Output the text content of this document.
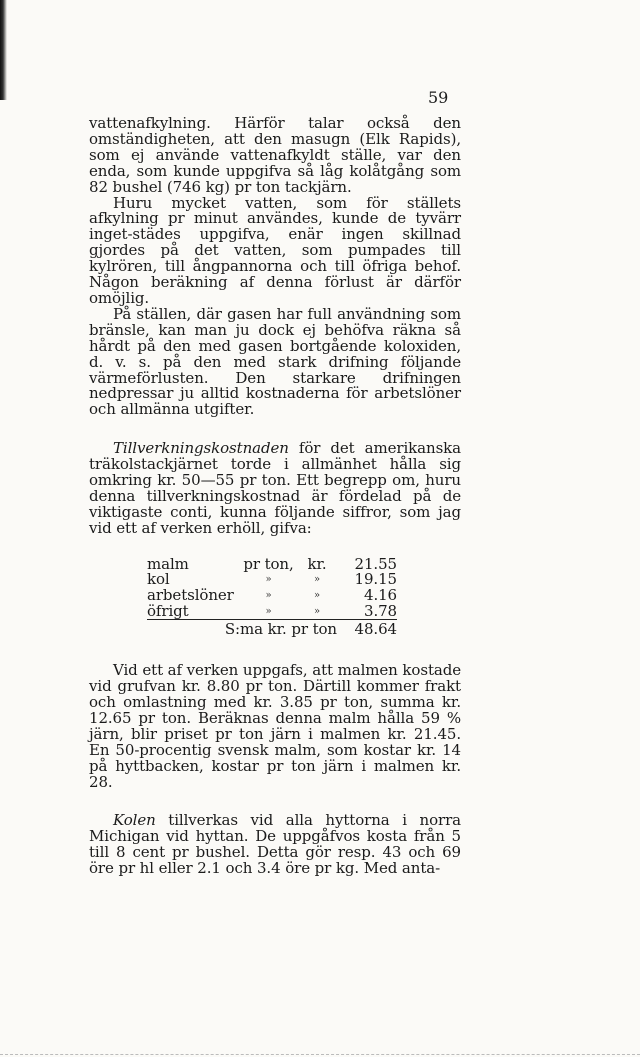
59

vattenafkylning. Härför talar också den omständigheten, att den masugn (Elk Rapids), som ej använde vattenafkyldt ställe, var den enda, som kunde uppgifva så låg kolåtgång som 82 bushel (746 kg) pr ton tackjärn.

Huru mycket vatten, som för ställets afkylning pr minut användes, kunde de tyvärr inget-städes uppgifva, enär ingen skillnad gjordes på det vatten, som pumpades till kylrören, till ångpannorna och till öfriga behof. Någon beräkning af denna förlust är därför omöjlig.

På ställen, där gasen har full användning som bränsle, kan man ju dock ej behöfva räkna så hårdt på den med gasen bortgående koloxiden, d. v. s. på den med stark drifning följande värmeförlusten. Den starkare drifningen nedpressar ju alltid kostnaderna för arbetslöner och allmänna utgifter.

Tillverkningskostnaden för det amerikanska träkolstackjärnet torde i allmänhet hålla sig omkring kr. 50—55 pr ton. Ett begrepp om, huru denna tillverkningskostnad är fördelad på de viktigaste conti, kunna följande siffror, som jag vid ett af verken erhöll, gifva:

malm	pr ton,	kr.	21.55
kol	»	»	19.15
arbetslöner	»	»	4.16
öfrigt	»	»	3.78
S:ma kr. pr ton			48.64

Vid ett af verken uppgafs, att malmen kostade vid grufvan kr. 8.80 pr ton. Därtill kommer frakt och omlastning med kr. 3.85 pr ton, summa kr. 12.65 pr ton. Beräknas denna malm hålla 59 % järn, blir priset pr ton järn i malmen kr. 21.45. En 50-procentig svensk malm, som kostar kr. 14 på hyttbacken, kostar pr ton järn i malmen kr. 28.

Kolen tillverkas vid alla hyttorna i norra Michigan vid hyttan. De uppgåfvos kosta från 5 till 8 cent pr bushel. Detta gör resp. 43 och 69 öre pr hl eller 2.1 och 3.4 öre pr kg. Med anta-
